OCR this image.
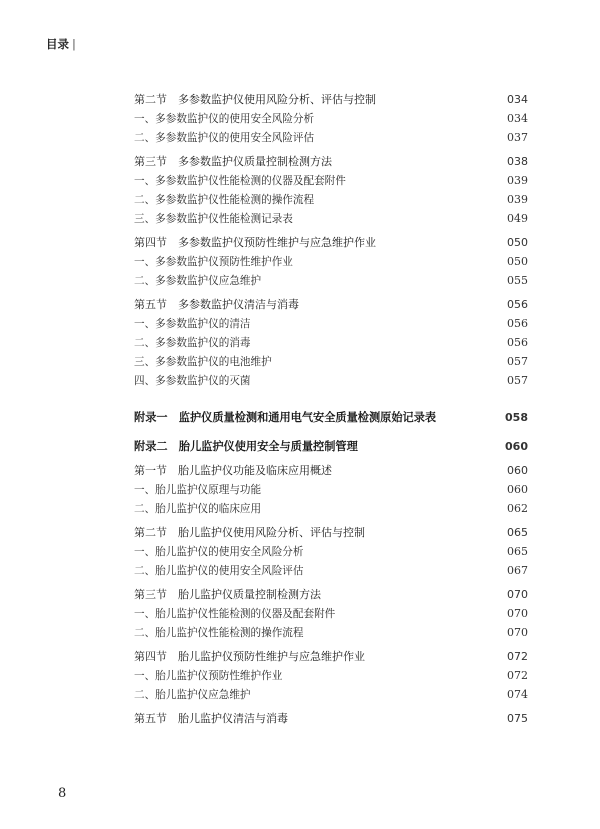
目录 |
第二节　多参数监护仪使用风险分析、评估与控制	034
一、多参数监护仪的使用安全风险分析	034
二、多参数监护仪的使用安全风险评估	037
第三节　多参数监护仪质量控制检测方法	038
一、多参数监护仪性能检测的仪器及配套附件	039
二、多参数监护仪性能检测的操作流程	039
三、多参数监护仪性能检测记录表	049
第四节　多参数监护仪预防性维护与应急维护作业	050
一、多参数监护仪预防性维护作业	050
二、多参数监护仪应急维护	055
第五节　多参数监护仪清洁与消毒	056
一、多参数监护仪的清洁	056
二、多参数监护仪的消毒	056
三、多参数监护仪的电池维护	057
四、多参数监护仪的灭菌	057
附录一　监护仪质量检测和通用电气安全质量检测原始记录表	058
附录二　胎儿监护仪使用安全与质量控制管理	060
第一节　胎儿监护仪功能及临床应用概述	060
一、胎儿监护仪原理与功能	060
二、胎儿监护仪的临床应用	062
第二节　胎儿监护仪使用风险分析、评估与控制	065
一、胎儿监护仪的使用安全风险分析	065
二、胎儿监护仪的使用安全风险评估	067
第三节　胎儿监护仪质量控制检测方法	070
一、胎儿监护仪性能检测的仪器及配套附件	070
二、胎儿监护仪性能检测的操作流程	070
第四节　胎儿监护仪预防性维护与应急维护作业	072
一、胎儿监护仪预防性维护作业	072
二、胎儿监护仪应急维护	074
第五节　胎儿监护仪清洁与消毒	075
8
